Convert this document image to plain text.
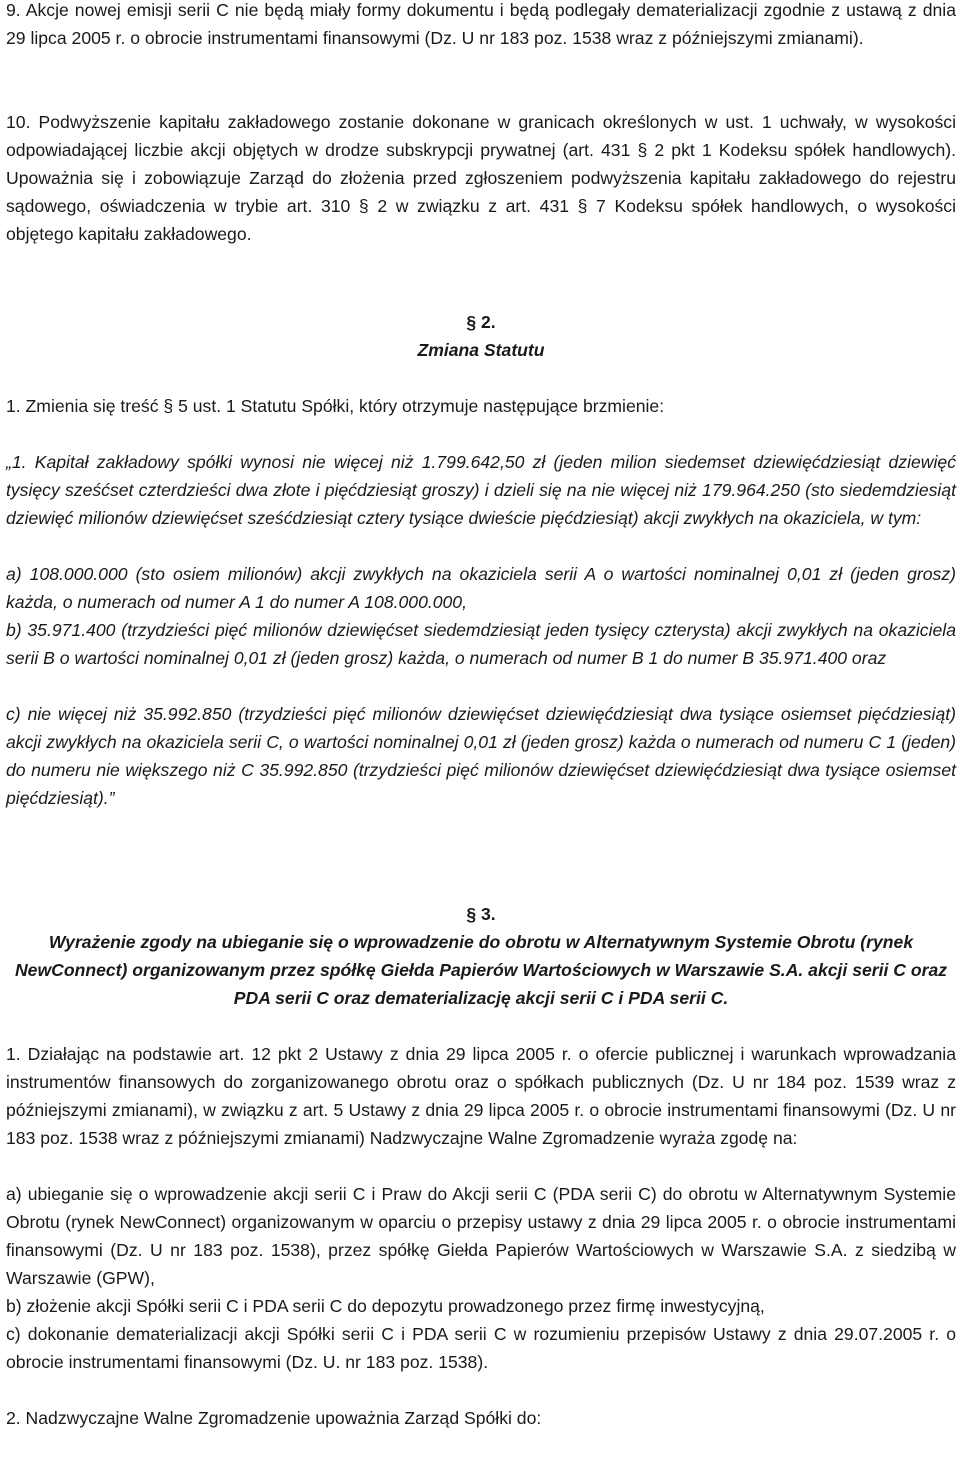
9. Akcje nowej emisji serii C nie będą miały formy dokumentu i będą podlegały dematerializacji zgodnie z ustawą z dnia 29 lipca 2005 r. o obrocie instrumentami finansowymi (Dz. U nr 183 poz. 1538 wraz z późniejszymi zmianami).
10. Podwyższenie kapitału zakładowego zostanie dokonane w granicach określonych w ust. 1 uchwały, w wysokości odpowiadającej liczbie akcji objętych w drodze subskrypcji prywatnej (art. 431 § 2 pkt 1 Kodeksu spółek handlowych). Upoważnia się i zobowiązuje Zarząd do złożenia przed zgłoszeniem podwyższenia kapitału zakładowego do rejestru sądowego, oświadczenia w trybie art. 310 § 2 w związku z art. 431 § 7 Kodeksu spółek handlowych, o wysokości objętego kapitału zakładowego.
§ 2.
Zmiana Statutu
1. Zmienia się treść § 5 ust. 1 Statutu Spółki, który otrzymuje następujące brzmienie:
„1. Kapitał zakładowy spółki wynosi nie więcej niż 1.799.642,50 zł (jeden milion siedemset dziewięćdziesiąt dziewięć tysięcy sześćset czterdzieści dwa złote i pięćdziesiąt groszy) i dzieli się na nie więcej niż 179.964.250 (sto siedemdziesiąt dziewięć milionów dziewięćset sześćdziesiąt cztery tysiące dwieście pięćdziesiąt) akcji zwykłych na okaziciela, w tym:
a) 108.000.000 (sto osiem milionów) akcji zwykłych na okaziciela serii A o wartości nominalnej 0,01 zł (jeden grosz) każda, o numerach od numer A 1 do numer A 108.000.000,
b) 35.971.400 (trzydzieści pięć milionów dziewięćset siedemdziesiąt jeden tysięcy czterysta) akcji zwykłych na okaziciela serii B o wartości nominalnej 0,01 zł (jeden grosz) każda, o numerach od numer B 1 do numer B 35.971.400 oraz
c) nie więcej niż 35.992.850 (trzydzieści pięć milionów dziewięćset dziewięćdziesiąt dwa tysiące osiemset pięćdziesiąt) akcji zwykłych na okaziciela serii C, o wartości nominalnej 0,01 zł (jeden grosz) każda o numerach od numeru C 1 (jeden) do numeru nie większego niż C 35.992.850 (trzydzieści pięć milionów dziewięćset dziewięćdziesiąt dwa tysiące osiemset pięćdziesiąt).”
§ 3.
Wyrażenie zgody na ubieganie się o wprowadzenie do obrotu w Alternatywnym Systemie Obrotu (rynek NewConnect) organizowanym przez spółkę Giełda Papierów Wartościowych w Warszawie S.A. akcji serii C oraz PDA serii C oraz dematerializację akcji serii C i PDA serii C.
1. Działając na podstawie art. 12 pkt 2 Ustawy z dnia 29 lipca 2005 r. o ofercie publicznej i warunkach wprowadzania instrumentów finansowych do zorganizowanego obrotu oraz o spółkach publicznych (Dz. U nr 184 poz. 1539 wraz z późniejszymi zmianami), w związku z art. 5 Ustawy z dnia 29 lipca 2005 r. o obrocie instrumentami finansowymi (Dz. U nr 183 poz. 1538 wraz z późniejszymi zmianami) Nadzwyczajne Walne Zgromadzenie wyraża zgodę na:
a) ubieganie się o wprowadzenie akcji serii C i Praw do Akcji serii C (PDA serii C) do obrotu w Alternatywnym Systemie Obrotu (rynek NewConnect) organizowanym w oparciu o przepisy ustawy z dnia 29 lipca 2005 r. o obrocie instrumentami finansowymi (Dz. U nr 183 poz. 1538), przez spółkę Giełda Papierów Wartościowych w Warszawie S.A. z siedzibą w Warszawie (GPW),
b) złożenie akcji Spółki serii C i PDA serii C do depozytu prowadzonego przez firmę inwestycyjną,
c) dokonanie dematerializacji akcji Spółki serii C i PDA serii C w rozumieniu przepisów Ustawy z dnia 29.07.2005 r. o obrocie instrumentami finansowymi (Dz. U. nr 183 poz. 1538).
2. Nadzwyczajne Walne Zgromadzenie upoważnia Zarząd Spółki do:
